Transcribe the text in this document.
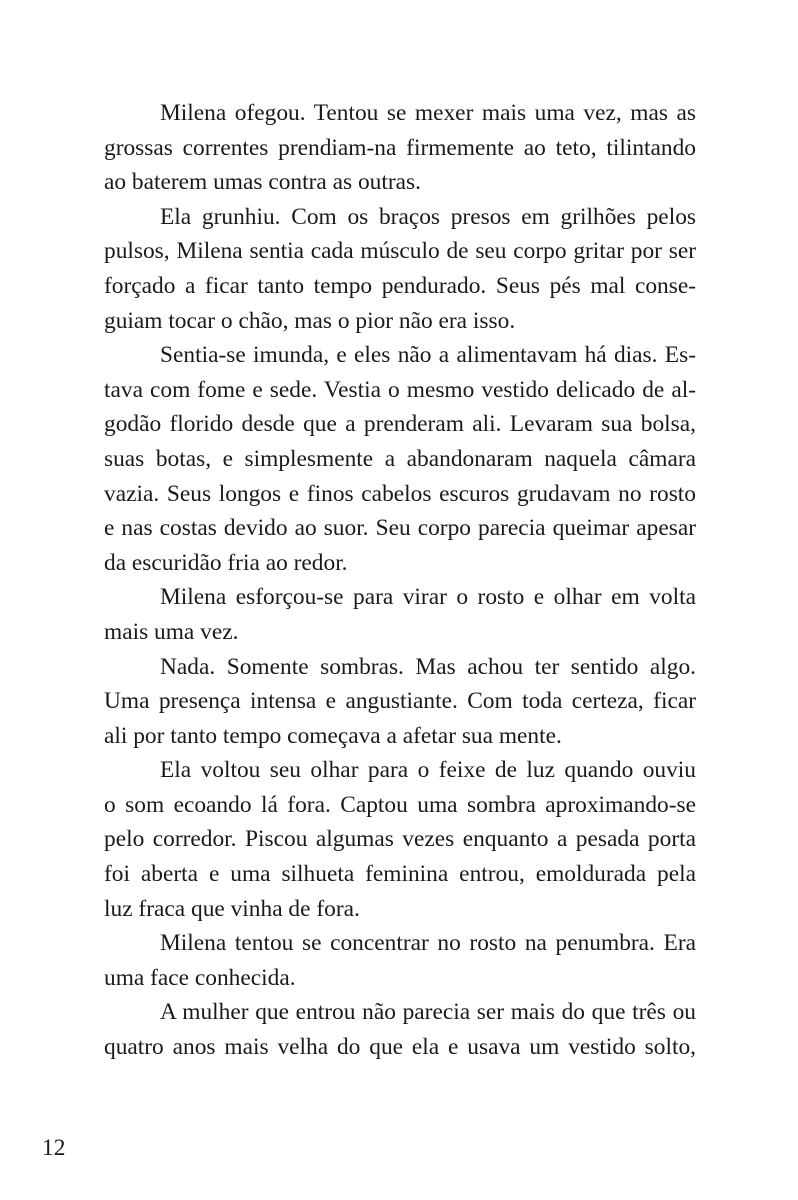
Milena ofegou. Tentou se mexer mais uma vez, mas as
grossas correntes prendiam-na firmemente ao teto, tilintando
ao baterem umas contra as outras.
Ela grunhiu. Com os braços presos em grilhões pelos
pulsos, Milena sentia cada músculo de seu corpo gritar por ser
forçado a ficar tanto tempo pendurado. Seus pés mal conse-
guiam tocar o chão, mas o pior não era isso.
Sentia-se imunda, e eles não a alimentavam há dias. Es-
tava com fome e sede. Vestia o mesmo vestido delicado de al-
godão florido desde que a prenderam ali. Levaram sua bolsa,
suas botas, e simplesmente a abandonaram naquela câmara
vazia. Seus longos e finos cabelos escuros grudavam no rosto
e nas costas devido ao suor. Seu corpo parecia queimar apesar
da escuridão fria ao redor.
Milena esforçou-se para virar o rosto e olhar em volta
mais uma vez.
Nada. Somente sombras. Mas achou ter sentido algo.
Uma presença intensa e angustiante. Com toda certeza, ficar
ali por tanto tempo começava a afetar sua mente.
Ela voltou seu olhar para o feixe de luz quando ouviu
o som ecoando lá fora. Captou uma sombra aproximando-se
pelo corredor. Piscou algumas vezes enquanto a pesada porta
foi aberta e uma silhueta feminina entrou, emoldurada pela
luz fraca que vinha de fora.
Milena tentou se concentrar no rosto na penumbra. Era
uma face conhecida.
A mulher que entrou não parecia ser mais do que três ou
quatro anos mais velha do que ela e usava um vestido solto,
12
